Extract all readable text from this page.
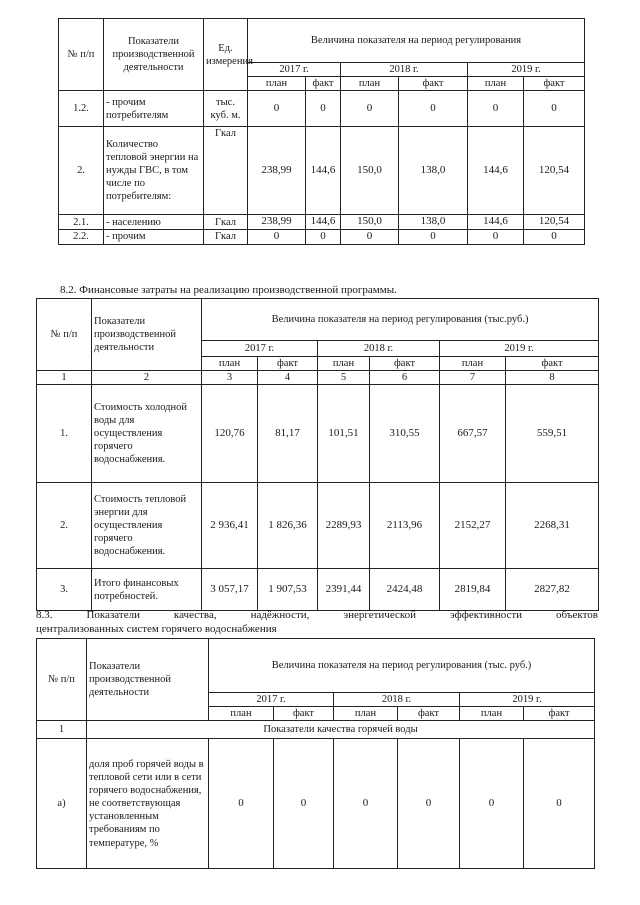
№ п/п	Показатели производственной деятельности	Ед. измерения	Величина показателя на период регулирования					
			2017 г.		2018 г.		2019 г.	
			план	факт	план	факт	план	факт
1.2.	- прочим потребителям	тыс. куб. м.	0	0	0	0	0	0
2.	Количество тепловой энергии на нужды ГВС, в том числе по потребителям:	Гкал	238,99	144,6	150,0	138,0	144,6	120,54
2.1.	- населению	Гкал	238,99	144,6	150,0	138,0	144,6	120,54
2.2.	- прочим	Гкал	0	0	0	0	0	0
8.2. Финансовые затраты на реализацию производственной программы.
№ п/п	Показатели производственной деятельности	Величина показателя на период регулирования (тыс.руб.)					
		2017 г.		2018 г.		2019 г.	
		план	факт	план	факт	план	факт
1	2	3	4	5	6	7	8
1.	Стоимость холодной воды для осуществления горячего водоснабжения.	120,76	81,17	101,51	310,55	667,57	559,51
2.	Стоимость тепловой энергии для осуществления горячего водоснабжения.	2 936,41	1 826,36	2289,93	2113,96	2152,27	2268,31
3.	Итого финансовых потребностей.	3 057,17	1 907,53	2391,44	2424,48	2819,84	2827,82
8.3.	Показатели	качества,	надёжности,	энергетической	эффективности	объектов
централизованных систем горячего водоснабжения
№ п/п	Показатели производственной деятельности	Величина показателя на период регулирования (тыс. руб.)					
		2017 г.		2018 г.		2019 г.	
		план	факт	план	факт	план	факт
1	Показатели качества горячей воды						
а)	доля проб горячей воды в тепловой сети или в сети горячего водоснабжения, не соответствующая установленным требованиям по температуре, %	0	0	0	0	0	0
